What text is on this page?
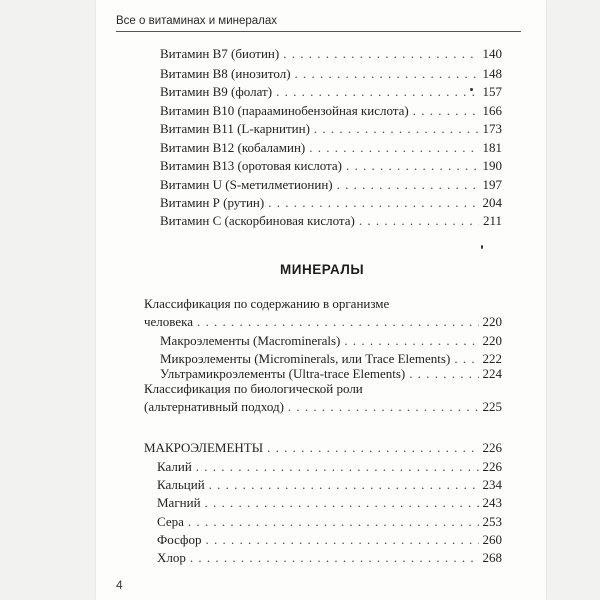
Все о витаминах и минералах
Витамин В7 (биотин) . . .	140
Витамин В8 (инозитол) . . .	148
Витамин В9 (фолат) . . .	157
Витамин В10 (парааминобензойная кислота) . . .	166
Витамин В11 (L-карнитин) . . .	173
Витамин В12 (кобаламин) . . .	181
Витамин В13 (оротовая кислота) . . .	190
Витамин U (S-метилметионин) . . .	197
Витамин Р (рутин) . . .	204
Витамин С (аскорбиновая кислота) . . .	211
МИНЕРАЛЫ
Классификация по содержанию в организме
человека . . .	220
Макроэлементы (Macrominerals) . . .	220
Микроэлементы (Microminerals, или Trace Elements) . . . 222
Ультрамикроэлементы (Ultra-trace Elements) . . .	224
Классификация по биологической роли
(альтернативный подход) . . .	225
МАКРОЭЛЕМЕНТЫ . . .	226
Калий . . .	226
Кальций . . .	234
Магний . . .	243
Сера . . .	253
Фосфор . . .	260
Хлор . . .	268
4
